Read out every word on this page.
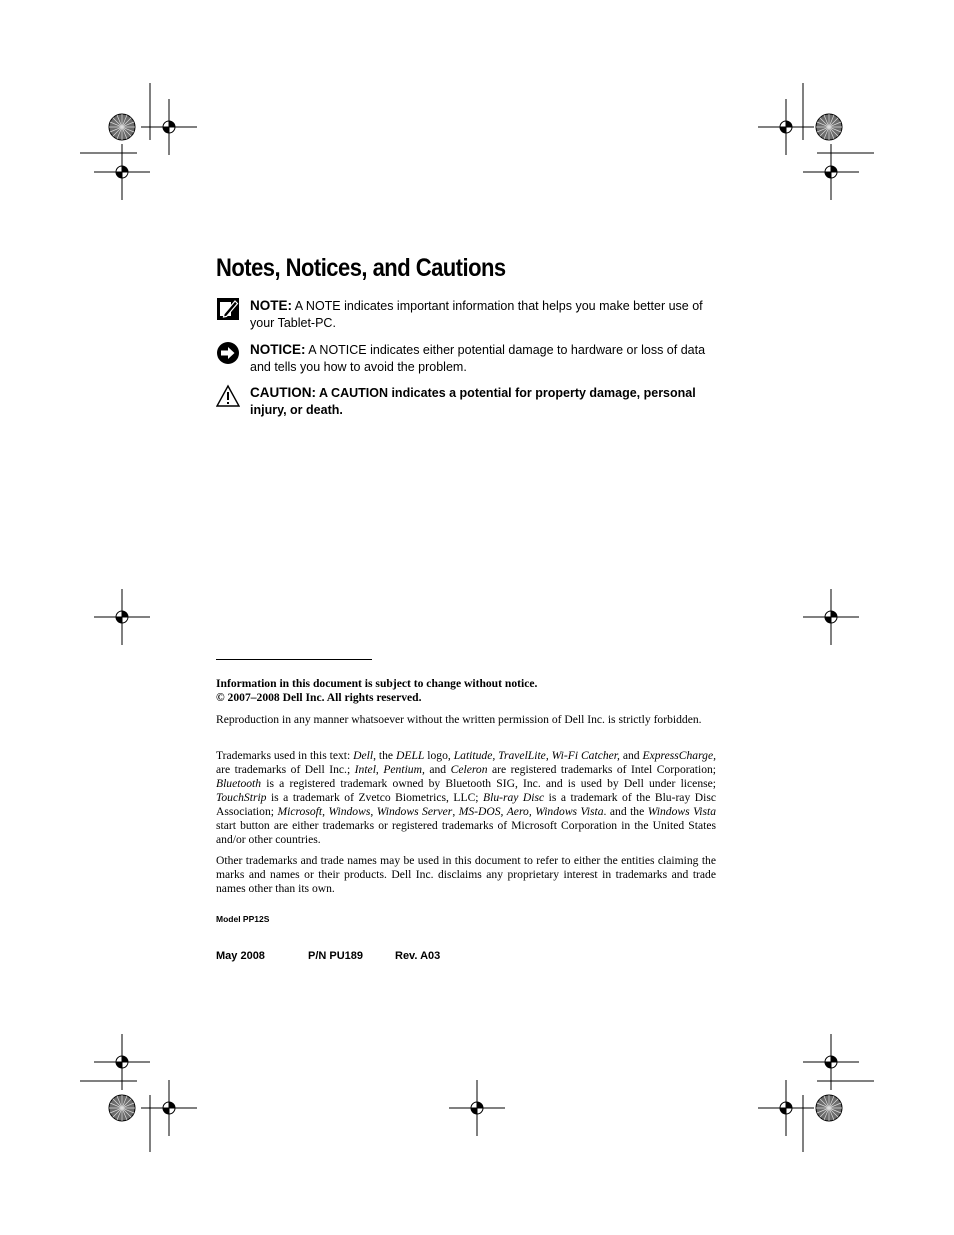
Notes, Notices, and Cautions
NOTE: A NOTE indicates important information that helps you make better use of your Tablet-PC.
NOTICE: A NOTICE indicates either potential damage to hardware or loss of data and tells you how to avoid the problem.
CAUTION: A CAUTION indicates a potential for property damage, personal injury, or death.

Information in this document is subject to change without notice.

© 2007–2008 Dell Inc. All rights reserved.

Reproduction in any manner whatsoever without the written permission of Dell Inc. is strictly forbidden.

Trademarks used in this text: Dell, the DELL logo, Latitude, TravelLite, Wi-Fi Catcher, and ExpressCharge, are trademarks of Dell Inc.; Intel, Pentium, and Celeron are registered trademarks of Intel Corporation; Bluetooth is a registered trademark owned by Bluetooth SIG, Inc. and is used by Dell under license; TouchStrip is a trademark of Zvetco Biometrics, LLC; Blu-ray Disc is a trademark of the Blu-ray Disc Association; Microsoft, Windows, Windows Server, MS-DOS, Aero, Windows Vista. and the Windows Vista start button are either trademarks or registered trademarks of Microsoft Corporation in the United States and/or other countries.

Other trademarks and trade names may be used in this document to refer to either the entities claiming the marks and names or their products. Dell Inc. disclaims any proprietary interest in trademarks and trade names other than its own.

Model PP12S
May 2008	P/N PU189	Rev. A03
